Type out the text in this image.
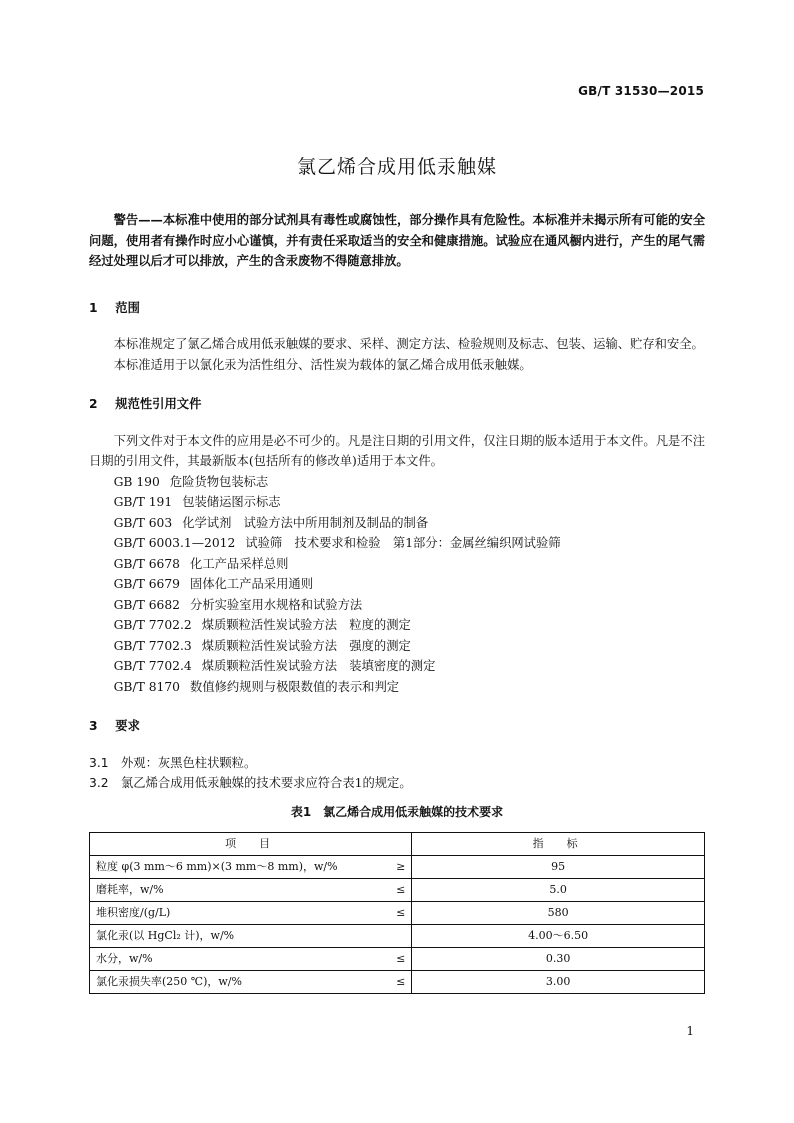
GB/T 31530—2015
氯乙烯合成用低汞触媒

警告——本标准中使用的部分试剂具有毒性或腐蚀性，部分操作具有危险性。本标准并未揭示所有可能的安全问题，使用者有操作时应小心谨慎，并有责任采取适当的安全和健康措施。试验应在通风橱内进行，产生的尾气需经过处理以后才可以排放，产生的含汞废物不得随意排放。

1 范围

本标准规定了氯乙烯合成用低汞触媒的要求、采样、测定方法、检验规则及标志、包装、运输、贮存和安全。

本标准适用于以氯化汞为活性组分、活性炭为载体的氯乙烯合成用低汞触媒。

2 规范性引用文件

下列文件对于本文件的应用是必不可少的。凡是注日期的引用文件，仅注日期的版本适用于本文件。凡是不注日期的引用文件，其最新版本(包括所有的修改单)适用于本文件。

GB 190 危险货物包装标志
GB/T 191 包装储运图示标志
GB/T 603 化学试剂　试验方法中所用制剂及制品的制备
GB/T 6003.1—2012 试验筛　技术要求和检验　第1部分：金属丝编织网试验筛
GB/T 6678 化工产品采样总则
GB/T 6679 固体化工产品采用通则
GB/T 6682 分析实验室用水规格和试验方法
GB/T 7702.2 煤质颗粒活性炭试验方法　粒度的测定
GB/T 7702.3 煤质颗粒活性炭试验方法　强度的测定
GB/T 7702.4 煤质颗粒活性炭试验方法　装填密度的测定
GB/T 8170 数值修约规则与极限数值的表示和判定
3 要求
3.1	外观：灰黑色柱状颗粒。
3.2	氯乙烯合成用低汞触媒的技术要求应符合表1的规定。
表1　氯乙烯合成用低汞触媒的技术要求
项　目	指　标

粒度 φ(3 mm～6 mm)×(3 mm～8 mm)，w/% ≥	95

磨耗率，w/% ≤	5.0

堆积密度/(g/L) ≤	580

氯化汞(以 HgCl₂ 计)，w/%	4.00～6.50

水分，w/% ≤	0.30

氯化汞损失率(250 ℃)，w/% ≤	3.00
1
